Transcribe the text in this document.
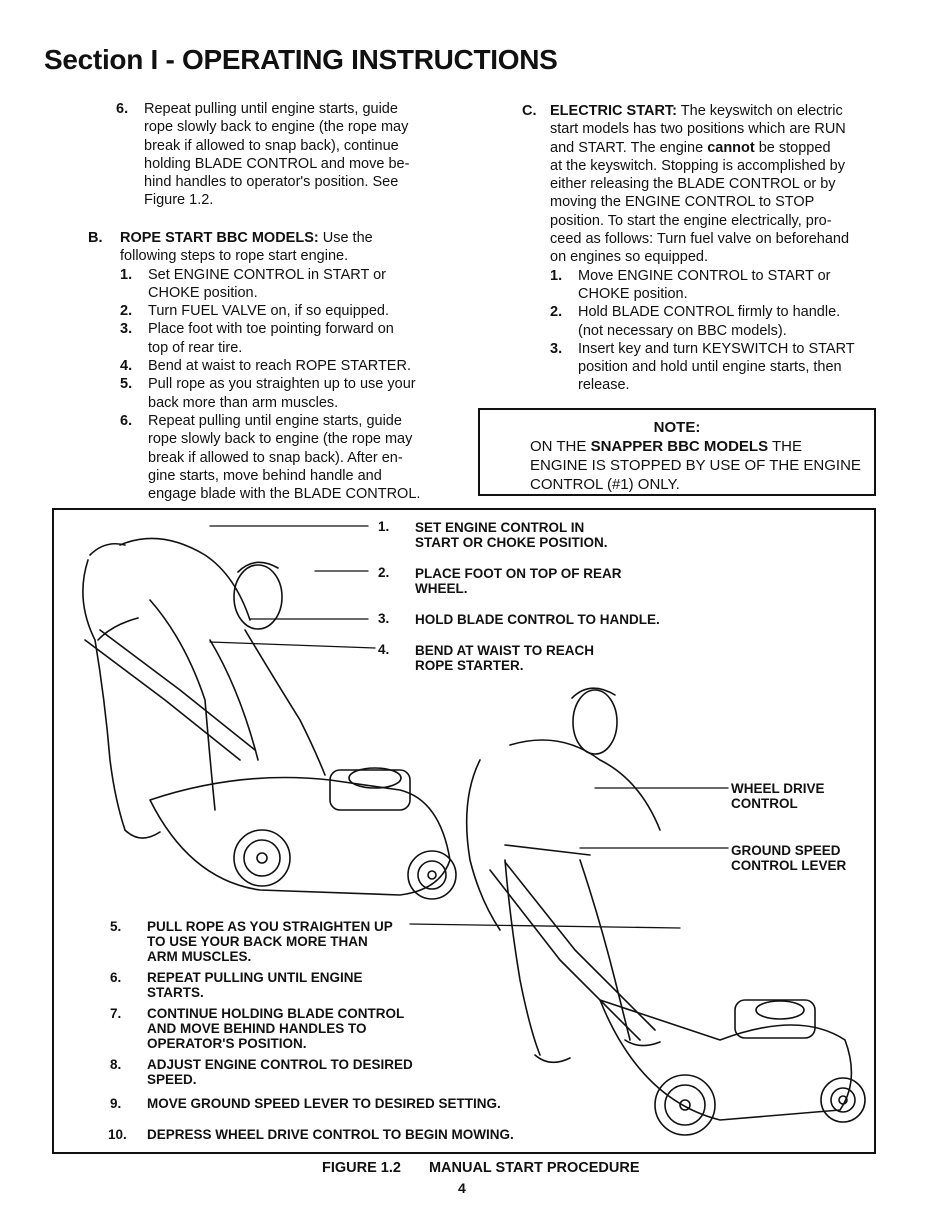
Section I - OPERATING INSTRUCTIONS
6. Repeat pulling until engine starts, guide
rope slowly back to engine (the rope may
break if allowed to snap back), continue
holding BLADE CONTROL and move be-
hind handles to operator's position. See
Figure 1.2.
B. ROPE START BBC MODELS: Use the
following steps to rope start engine.
1. Set ENGINE CONTROL in START or
CHOKE position.
2. Turn FUEL VALVE on, if so equipped.
3. Place foot with toe pointing forward on
top of rear tire.
4. Bend at waist to reach ROPE STARTER.
5. Pull rope as you straighten up to use your
back more than arm muscles.
6. Repeat pulling until engine starts, guide
rope slowly back to engine (the rope may
break if allowed to snap back). After en-
gine starts, move behind handle and
engage blade with the BLADE CONTROL.
C. ELECTRIC START: The keyswitch on electric
start models has two positions which are RUN
and START. The engine cannot be stopped
at the keyswitch. Stopping is accomplished by
either releasing the BLADE CONTROL or by
moving the ENGINE CONTROL to STOP
position. To start the engine electrically, pro-
ceed as follows: Turn fuel valve on beforehand
on engines so equipped.
1. Move ENGINE CONTROL to START or
CHOKE position.
2. Hold BLADE CONTROL firmly to handle.
(not necessary on BBC models).
3. Insert key and turn KEYSWITCH to START
position and hold until engine starts, then
release.
NOTE:
ON THE SNAPPER BBC MODELS THE
ENGINE IS STOPPED BY USE OF THE ENGINE
CONTROL (#1) ONLY.
1. SET ENGINE CONTROL IN
START OR CHOKE POSITION.
2. PLACE FOOT ON TOP OF REAR
WHEEL.
3. HOLD BLADE CONTROL TO HANDLE.
4. BEND AT WAIST TO REACH
ROPE STARTER.
WHEEL DRIVE
CONTROL
GROUND SPEED
CONTROL LEVER
5. PULL ROPE AS YOU STRAIGHTEN UP
TO USE YOUR BACK MORE THAN
ARM MUSCLES.
6. REPEAT PULLING UNTIL ENGINE
STARTS.
7. CONTINUE HOLDING BLADE CONTROL
AND MOVE BEHIND HANDLES TO
OPERATOR'S POSITION.
8. ADJUST ENGINE CONTROL TO DESIRED
SPEED.
9. MOVE GROUND SPEED LEVER TO DESIRED SETTING.
10. DEPRESS WHEEL DRIVE CONTROL TO BEGIN MOWING.
FIGURE 1.2 MANUAL START PROCEDURE
4
